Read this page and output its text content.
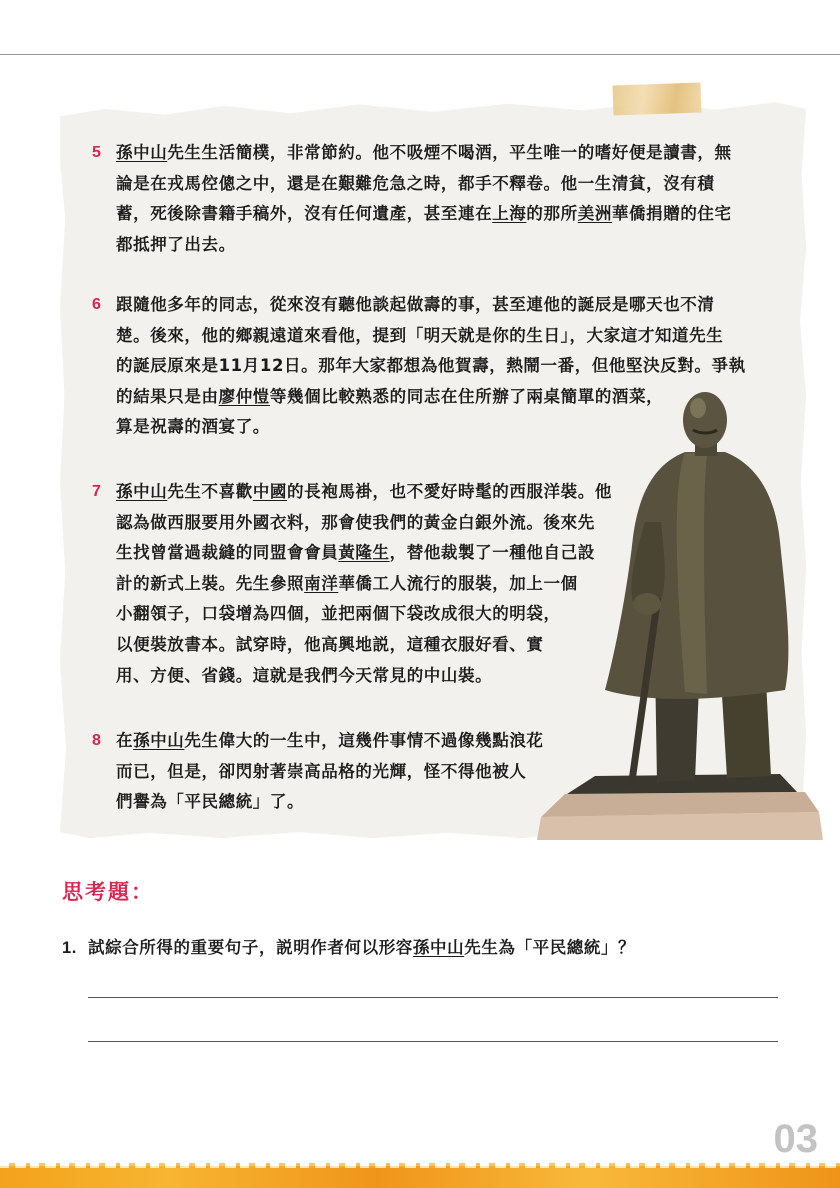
5 孫中山先生生活簡樸，非常節約。他不吸煙不喝酒，平生唯一的嗜好便是讀書，無
論是在戎馬倥傯之中，還是在艱難危急之時，都手不釋卷。他一生清貧，沒有積
蓄，死後除書籍手稿外，沒有任何遺產，甚至連在上海的那所美洲華僑捐贈的住宅
都抵押了出去。
6 跟隨他多年的同志，從來沒有聽他談起做壽的事，甚至連他的誕辰是哪天也不清
楚。後來，他的鄉親遠道來看他，提到「明天就是你的生日」，大家這才知道先生
的誕辰原來是11月12日。那年大家都想為他賀壽，熱鬧一番，但他堅決反對。爭執
的結果只是由廖仲愷等幾個比較熟悉的同志在住所辦了兩桌簡單的酒菜，
算是祝壽的酒宴了。
7 孫中山先生不喜歡中國的長袍馬褂，也不愛好時髦的西服洋裝。他
認為做西服要用外國衣料，那會使我們的黃金白銀外流。後來先
生找曾當過裁縫的同盟會會員黃隆生，替他裁製了一種他自己設
計的新式上裝。先生參照南洋華僑工人流行的服裝，加上一個
小翻領子，口袋增為四個，並把兩個下袋改成很大的明袋，
以便裝放書本。試穿時，他高興地説，這種衣服好看、實
用、方便、省錢。這就是我們今天常見的中山裝。
8 在孫中山先生偉大的一生中，這幾件事情不過像幾點浪花
而已，但是，卻閃射著崇高品格的光輝，怪不得他被人
們譽為「平民總統」了。
思考題：
1. 試綜合所得的重要句子，説明作者何以形容孫中山先生為「平民總統」？
03
